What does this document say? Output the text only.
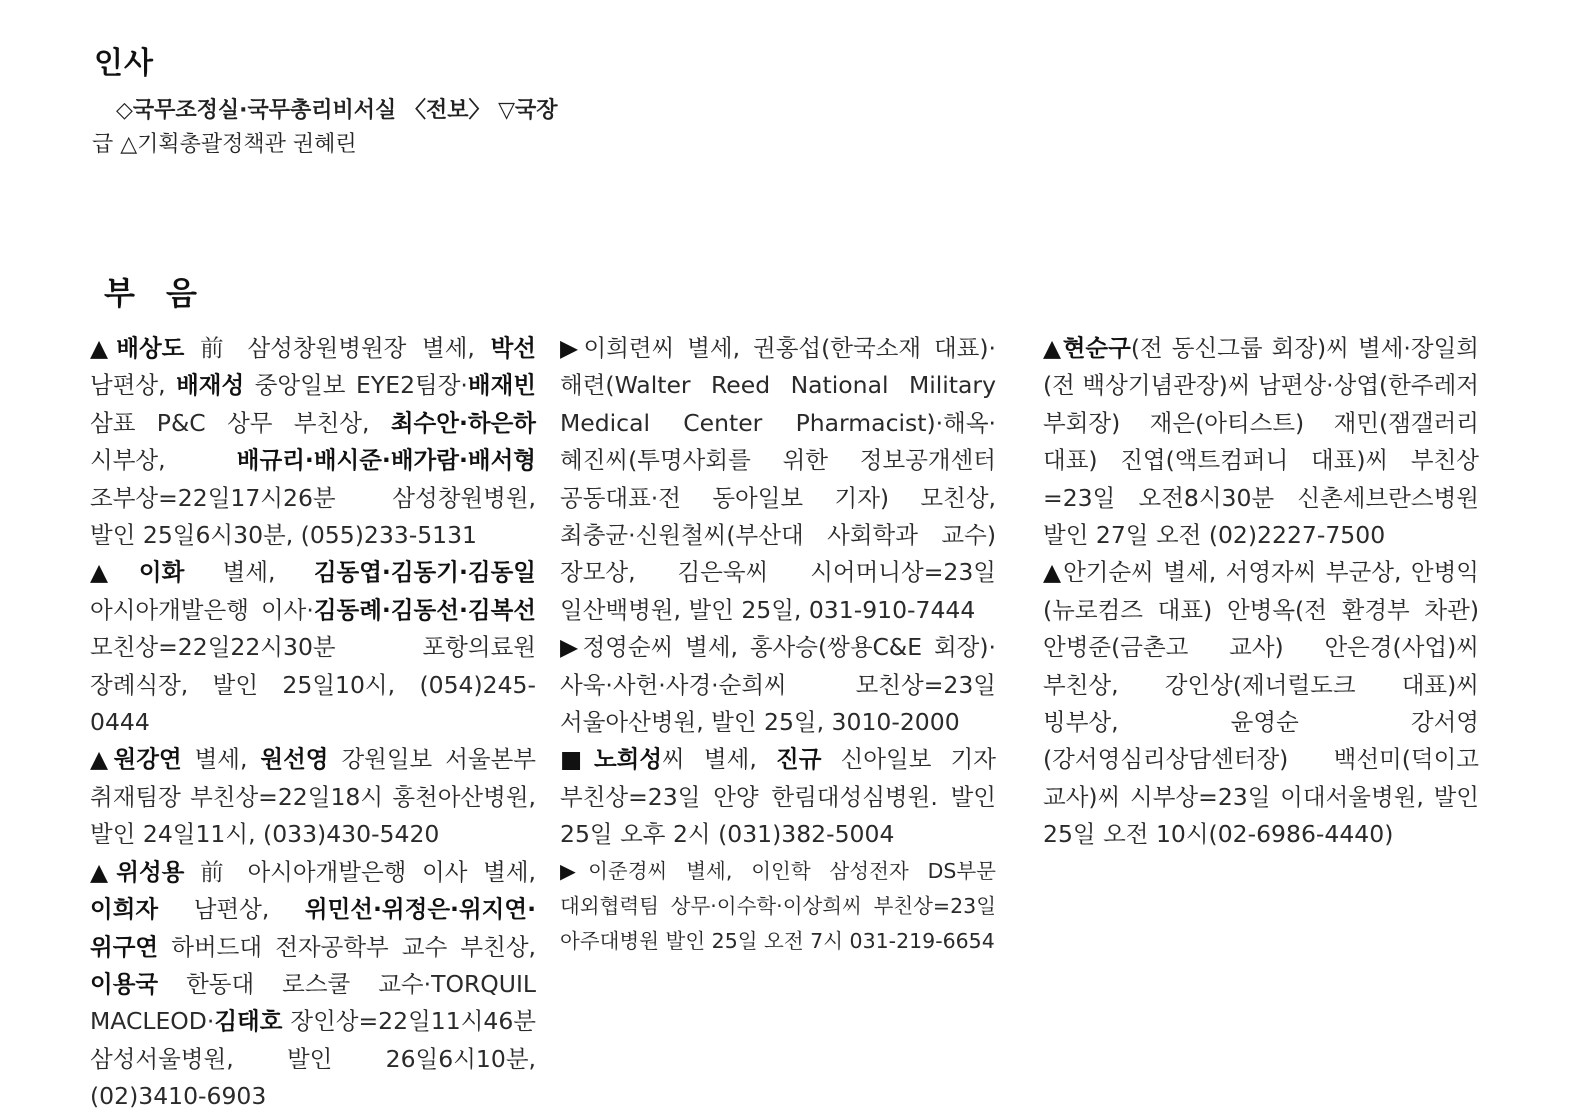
인사
◇국무조정실·국무총리비서실 〈전보〉 ▽국장
급 △기획총괄정책관 권혜린
부 음

▲배상도 前 삼성창원병원장 별세, 박선 남편상, 배재성 중앙일보 EYE2팀장·배재빈 삼표 P&C 상무 부친상, 최수안·하은하 시부상, 배규리·배시준·배가람·배서형 조부상=22일17시26분 삼성창원병원, 발인 25일6시30분, (055)233-5131

▲이화 별세, 김동엽·김동기·김동일 아시아개발은행 이사·김동례·김동선·김복선 모친상=22일22시30분 포항의료원 장례식장, 발인 25일10시, (054)245-0444

▲원강연 별세, 원선영 강원일보 서울본부 취재팀장 부친상=22일18시 홍천아산병원, 발인 24일11시, (033)430-5420

▲위성용 前 아시아개발은행 이사 별세, 이희자 남편상, 위민선·위정은·위지연·위구연 하버드대 전자공학부 교수 부친상, 이용국 한동대 로스쿨 교수·TORQUIL MACLEOD·김태호 장인상=22일11시46분 삼성서울병원, 발인 26일6시10분, (02)3410-6903

▶이희련씨 별세, 권홍섭(한국소재 대표)·해련(Walter Reed National Military Medical Center Pharmacist)·해옥·혜진씨(투명사회를 위한 정보공개센터 공동대표·전 동아일보 기자) 모친상, 최충균·신원철씨(부산대 사회학과 교수) 장모상, 김은욱씨 시어머니상=23일 일산백병원, 발인 25일, 031-910-7444

▶정영순씨 별세, 홍사승(쌍용C&E 회장)·사욱·사헌·사경·순희씨 모친상=23일 서울아산병원, 발인 25일, 3010-2000

■노희성씨 별세, 진규 신아일보 기자 부친상=23일 안양 한림대성심병원. 발인 25일 오후 2시 (031)382-5004

▶이준경씨 별세, 이인학 삼성전자 DS부문 대외협력팀 상무·이수학·이상희씨 부친상=23일 아주대병원 발인 25일 오전 7시 031-219-6654

▲현순구(전 동신그룹 회장)씨 별세·장일희(전 백상기념관장)씨 남편상·상엽(한주레저 부회장) 재은(아티스트) 재민(잼갤러리 대표) 진엽(액트컴퍼니 대표)씨 부친상=23일 오전8시30분 신촌세브란스병원 발인 27일 오전 (02)2227-7500

▲안기순씨 별세, 서영자씨 부군상, 안병익(뉴로컴즈 대표) 안병옥(전 환경부 차관) 안병준(금촌고 교사) 안은경(사업)씨 부친상, 강인상(제너럴도크 대표)씨 빙부상, 윤영순 강서영(강서영심리상담센터장) 백선미(덕이고 교사)씨 시부상=23일 이대서울병원, 발인 25일 오전 10시(02-6986-4440)
